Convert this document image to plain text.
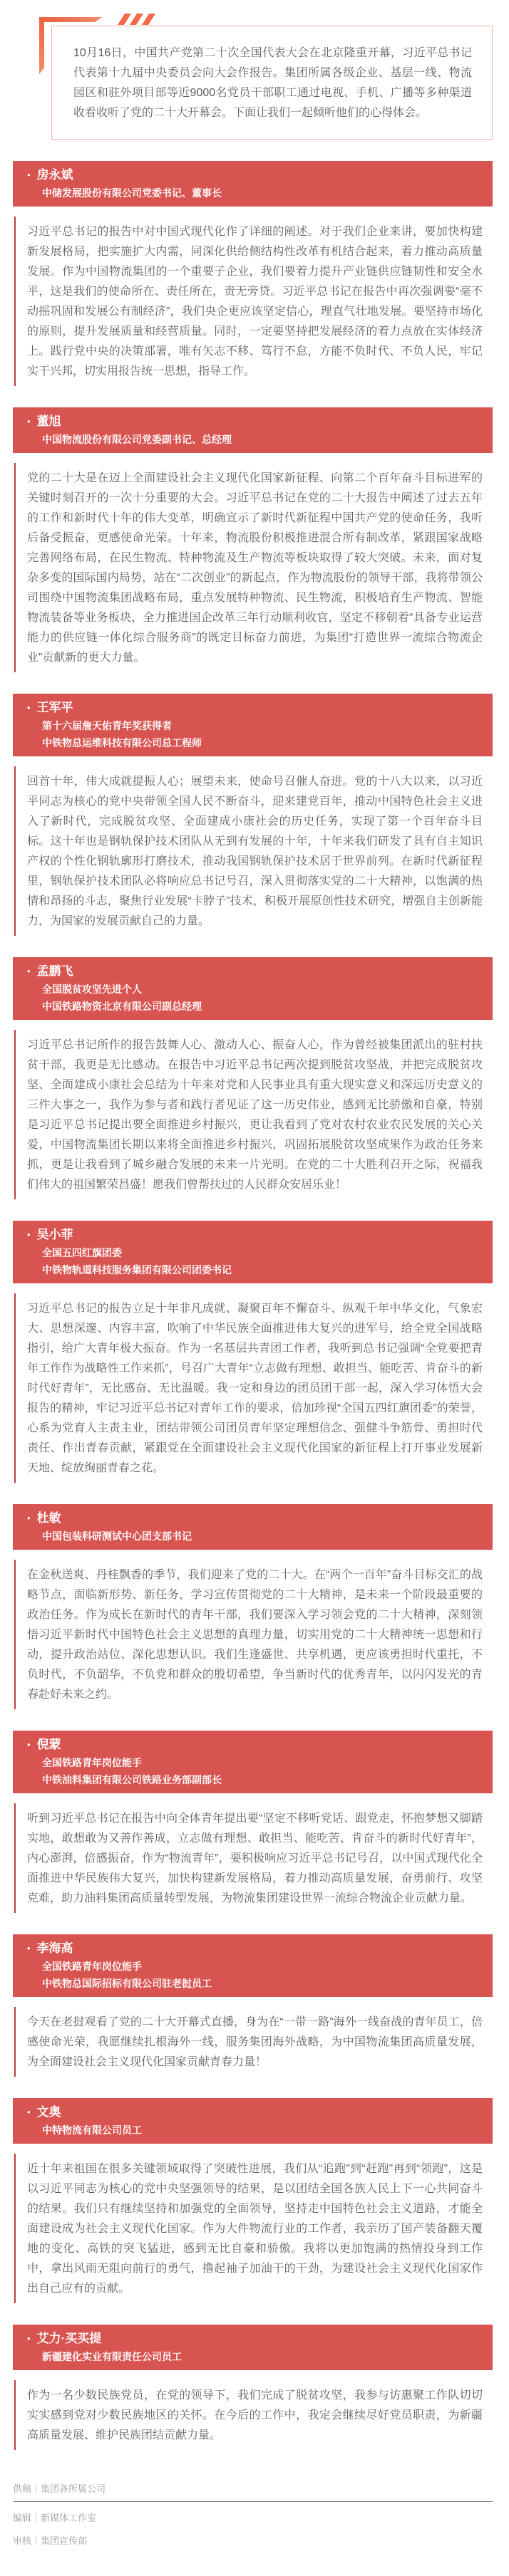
10月16日，中国共产党第二十次全国代表大会在北京隆重开幕，习近平总书记代表第十九届中央委员会向大会作报告。集团所属各级企业、基层一线、物流园区和驻外项目部等近9000名党员干部职工通过电视、手机、广播等多种渠道收看收听了党的二十大开幕会。下面让我们一起倾听他们的心得体会。

• 房永斌
中储发展股份有限公司党委书记、董事长

习近平总书记的报告中对中国式现代化作了详细的阐述。对于我们企业来讲，要加快构建新发展格局，把实施扩大内需，同深化供给侧结构性改革有机结合起来，着力推动高质量发展。作为中国物流集团的一个重要子企业，我们要着力提升产业链供应链韧性和安全水平，这是我们的使命所在、责任所在，责无旁贷。习近平总书记在报告中再次强调要“毫不动摇巩固和发展公有制经济”，我们央企更应该坚定信心，理直气壮地发展。要坚持市场化的原则，提升发展质量和经营质量。同时，一定要坚持把发展经济的着力点放在实体经济上。践行党中央的决策部署，唯有矢志不移、笃行不怠，方能不负时代、不负人民，牢记实干兴邦，切实用报告统一思想，指导工作。

• 董旭
中国物流股份有限公司党委副书记、总经理

党的二十大是在迈上全面建设社会主义现代化国家新征程、向第二个百年奋斗目标进军的关键时刻召开的一次十分重要的大会。习近平总书记在党的二十大报告中阐述了过去五年的工作和新时代十年的伟大变革，明确宣示了新时代新征程中国共产党的使命任务，我听后备受振奋，更感使命光荣。十年来，物流股份积极推进混合所有制改革，紧跟国家战略完善网络布局，在民生物流、特种物流及生产物流等板块取得了较大突破。未来，面对复杂多变的国际国内局势，站在“二次创业”的新起点，作为物流股份的领导干部，我将带领公司围绕中国物流集团战略布局，重点发展特种物流、民生物流，积极培育生产物流、智能物流装备等业务板块，全力推进国企改革三年行动顺利收官，坚定不移朝着“具备专业运营能力的供应链一体化综合服务商”的既定目标奋力前进，为集团“打造世界一流综合物流企业”贡献新的更大力量。

• 王军平
第十六届詹天佑青年奖获得者
中铁物总运维科技有限公司总工程师

回首十年，伟大成就提振人心；展望未来，使命号召催人奋进。党的十八大以来，以习近平同志为核心的党中央带领全国人民不断奋斗，迎来建党百年，推动中国特色社会主义进入了新时代，完成脱贫攻坚、全面建成小康社会的历史任务，实现了第一个百年奋斗目标。这十年也是钢轨保护技术团队从无到有发展的十年，十年来我们研发了具有自主知识产权的个性化钢轨廓形打磨技术，推动我国钢轨保护技术居于世界前列。在新时代新征程里，钢轨保护技术团队必将响应总书记号召，深入贯彻落实党的二十大精神，以饱满的热情和昂扬的斗志，聚焦行业发展“卡脖子”技术，积极开展原创性技术研究，增强自主创新能力，为国家的发展贡献自己的力量。

• 孟鹏飞
全国脱贫攻坚先进个人
中国铁路物资北京有限公司副总经理

习近平总书记所作的报告鼓舞人心、激动人心、振奋人心，作为曾经被集团派出的驻村扶贫干部，我更是无比感动。在报告中习近平总书记两次提到脱贫攻坚战，并把完成脱贫攻坚、全面建成小康社会总结为十年来对党和人民事业具有重大现实意义和深远历史意义的三件大事之一，我作为参与者和践行者见证了这一历史伟业，感到无比骄傲和自豪，特别是习近平总书记提出要全面推进乡村振兴，更让我看到了党对农村农业农民发展的关心关爱，中国物流集团长期以来将全面推进乡村振兴，巩固拓展脱贫攻坚成果作为政治任务来抓，更是让我看到了城乡融合发展的未来一片光明。在党的二十大胜利召开之际，祝福我们伟大的祖国繁荣昌盛！愿我们曾帮扶过的人民群众安居乐业！

• 吴小菲
全国五四红旗团委
中铁物轨道科技服务集团有限公司团委书记

习近平总书记的报告立足十年非凡成就、凝聚百年不懈奋斗、纵观千年中华文化，气象宏大、思想深邃、内容丰富，吹响了中华民族全面推进伟大复兴的进军号，给全党全国战略指引，给广大青年极大振奋。作为一名基层共青团工作者，我听到总书记强调“全党要把青年工作作为战略性工作来抓”，号召广大青年“立志做有理想、敢担当、能吃苦、肯奋斗的新时代好青年”，无比感奋、无比温暖。我一定和身边的团员团干部一起，深入学习体悟大会报告的精神，牢记习近平总书记对青年工作的要求，倍加珍视“全国五四红旗团委”的荣誉，心系为党育人主责主业，团结带领公司团员青年坚定理想信念、强健斗争筋骨、勇担时代责任、作出青春贡献，紧跟党在全面建设社会主义现代化国家的新征程上打开事业发展新天地、绽放绚丽青春之花。

• 杜敏
中国包装科研测试中心团支部书记

在金秋送爽、丹桂飘香的季节，我们迎来了党的二十大。在“两个一百年”奋斗目标交汇的战略节点，面临新形势、新任务，学习宣传贯彻党的二十大精神，是未来一个阶段最重要的政治任务。作为成长在新时代的青年干部，我们要深入学习领会党的二十大精神，深刻领悟习近平新时代中国特色社会主义思想的真理力量，切实用党的二十大精神统一思想和行动，提升政治站位、深化思想认识。我们生逢盛世、共享机遇，更应该勇担时代重托，不负时代，不负韶华，不负党和群众的殷切希望，争当新时代的优秀青年，以闪闪发光的青春赴好未来之约。

• 倪蒙
全国铁路青年岗位能手
中铁油料集团有限公司铁路业务部副部长

听到习近平总书记在报告中向全体青年提出要“坚定不移听党话、跟党走，怀抱梦想又脚踏实地，敢想敢为又善作善成，立志做有理想、敢担当、能吃苦、肯奋斗的新时代好青年”，内心澎湃，倍感振奋，作为“物流青年”，要积极响应习近平总书记号召，以中国式现代化全面推进中华民族伟大复兴，加快构建新发展格局，着力推动高质量发展，奋勇前行、攻坚克难，助力油料集团高质量转型发展，为物流集团建设世界一流综合物流企业贡献力量。

• 李海高
全国铁路青年岗位能手
中铁物总国际招标有限公司驻老挝员工

今天在老挝观看了党的二十大开幕式直播，身为在“一带一路”海外一线奋战的青年员工，倍感使命光荣，我愿继续扎根海外一线，服务集团海外战略，为中国物流集团高质量发展，为全面建设社会主义现代化国家贡献青春力量！

• 文奥
中特物流有限公司员工

近十年来祖国在很多关键领域取得了突破性进展，我们从“追跑”到“赶跑”再到“领跑”，这是以习近平同志为核心的党中央坚强领导的结果，是以团结全国各族人民上下一心共同奋斗的结果。我们只有继续坚持和加强党的全面领导，坚持走中国特色社会主义道路，才能全面建设成为社会主义现代化国家。作为大件物流行业的工作者，我亲历了国产装备翻天覆地的变化、高铁的突飞猛进，感到无比自豪和骄傲。我将以更加饱满的热情投身到工作中，拿出风雨无阻向前行的勇气，撸起袖子加油干的干劲，为建设社会主义现代化国家作出自己应有的贡献。

• 艾力·买买提
新疆建化实业有限责任公司员工

作为一名少数民族党员，在党的领导下，我们完成了脱贫攻坚，我参与访惠聚工作队切切实实感到党对少数民族地区的关怀。在今后的工作中，我定会继续尽好党员职责，为新疆高质量发展、维护民族团结贡献力量。

供稿｜集团各所属公司
编辑｜新媒体工作室
审核｜集团宣传部
